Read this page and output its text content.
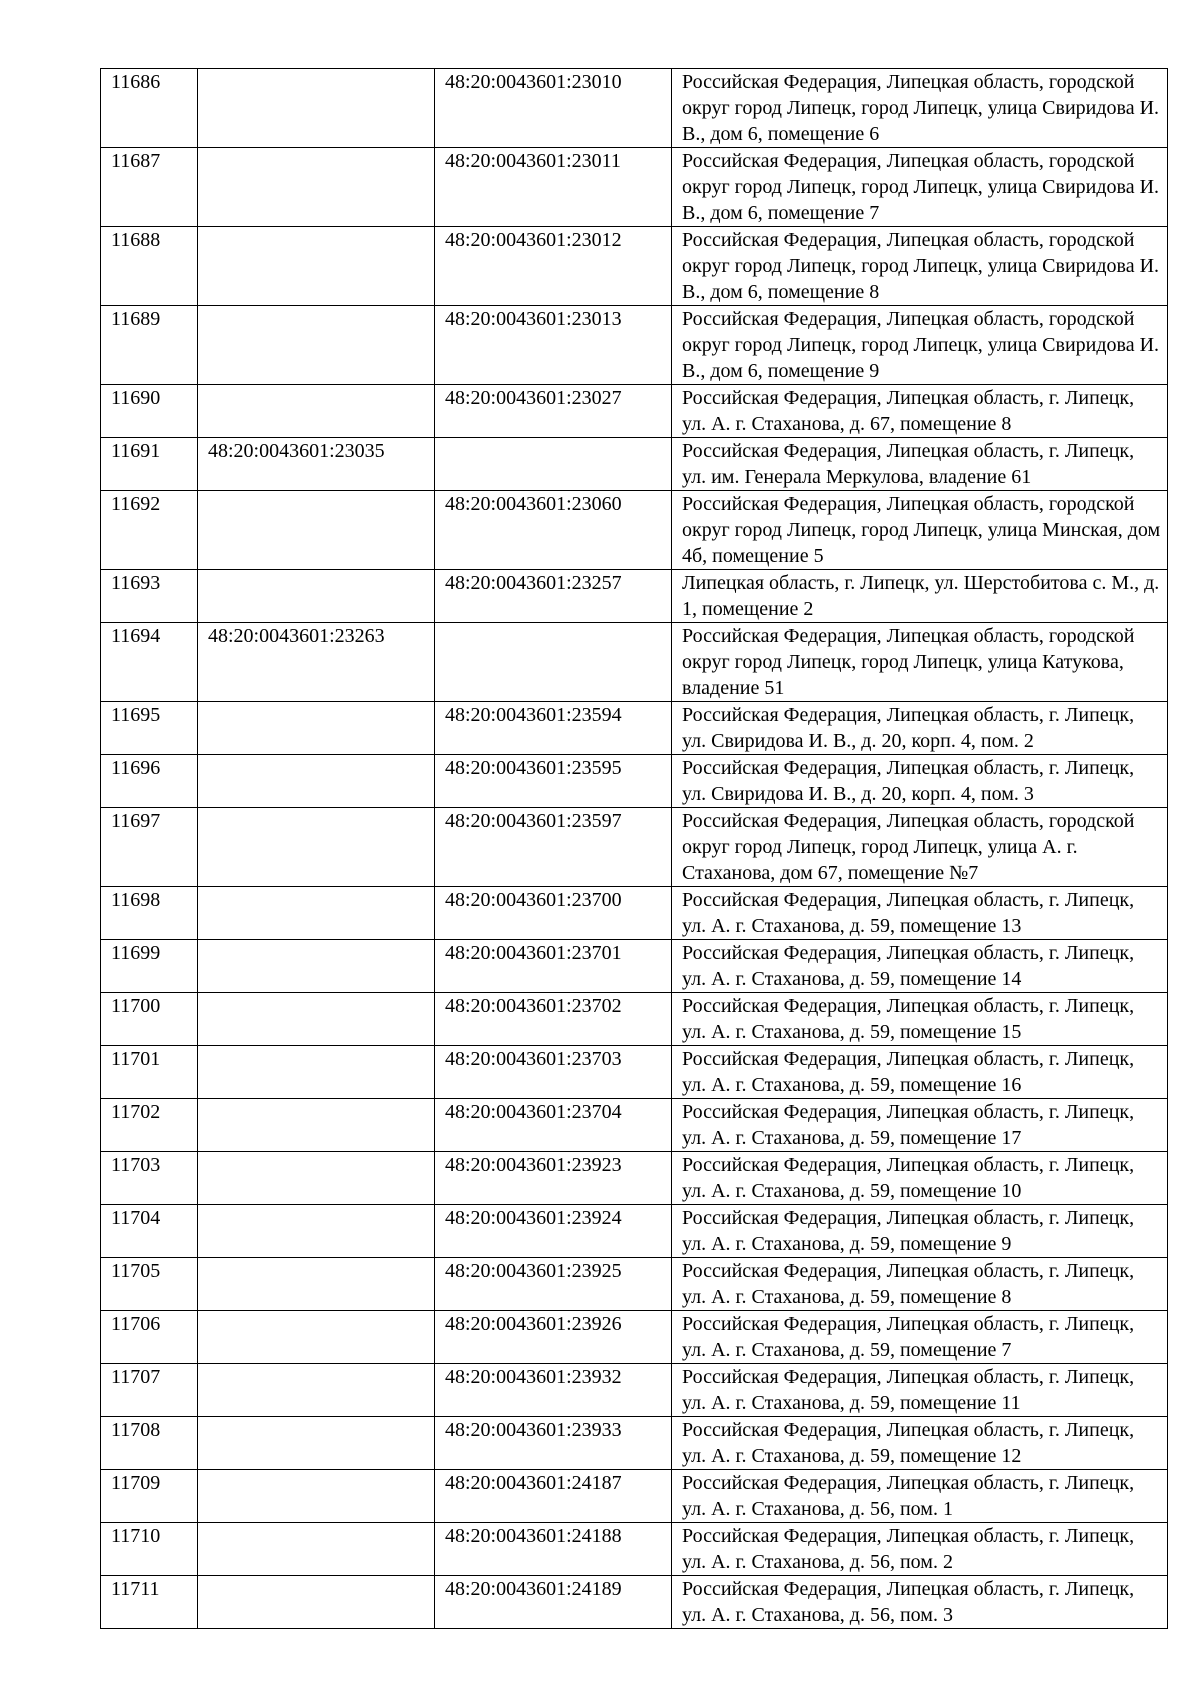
11686		48:20:0043601:23010	Российская Федерация, Липецкая область, городской округ город Липецк, город Липецк, улица Свиридова И. В., дом 6, помещение 6
11687		48:20:0043601:23011	Российская Федерация, Липецкая область, городской округ город Липецк, город Липецк, улица Свиридова И. В., дом 6, помещение 7
11688		48:20:0043601:23012	Российская Федерация, Липецкая область, городской округ город Липецк, город Липецк, улица Свиридова И. В., дом 6, помещение 8
11689		48:20:0043601:23013	Российская Федерация, Липецкая область, городской округ город Липецк, город Липецк, улица Свиридова И. В., дом 6, помещение 9
11690		48:20:0043601:23027	Российская Федерация, Липецкая область, г. Липецк, ул. А. г. Стаханова, д. 67, помещение 8
11691	48:20:0043601:23035		Российская Федерация, Липецкая область, г. Липецк, ул. им. Генерала Меркулова, владение 61
11692		48:20:0043601:23060	Российская Федерация, Липецкая область, городской округ город Липецк, город Липецк, улица Минская, дом 4б, помещение 5
11693		48:20:0043601:23257	Липецкая область, г. Липецк, ул. Шерстобитова с. М., д. 1, помещение 2
11694	48:20:0043601:23263		Российская Федерация, Липецкая область, городской округ город Липецк, город Липецк, улица Катукова, владение 51
11695		48:20:0043601:23594	Российская Федерация, Липецкая область, г. Липецк, ул. Свиридова И. В., д. 20, корп. 4, пом. 2
11696		48:20:0043601:23595	Российская Федерация, Липецкая область, г. Липецк, ул. Свиридова И. В., д. 20, корп. 4, пом. 3
11697		48:20:0043601:23597	Российская Федерация, Липецкая область, городской округ город Липецк, город Липецк, улица А. г. Стаханова, дом 67, помещение №7
11698		48:20:0043601:23700	Российская Федерация, Липецкая область, г. Липецк, ул. А. г. Стаханова, д. 59, помещение 13
11699		48:20:0043601:23701	Российская Федерация, Липецкая область, г. Липецк, ул. А. г. Стаханова, д. 59, помещение 14
11700		48:20:0043601:23702	Российская Федерация, Липецкая область, г. Липецк, ул. А. г. Стаханова, д. 59, помещение 15
11701		48:20:0043601:23703	Российская Федерация, Липецкая область, г. Липецк, ул. А. г. Стаханова, д. 59, помещение 16
11702		48:20:0043601:23704	Российская Федерация, Липецкая область, г. Липецк, ул. А. г. Стаханова, д. 59, помещение 17
11703		48:20:0043601:23923	Российская Федерация, Липецкая область, г. Липецк, ул. А. г. Стаханова, д. 59, помещение 10
11704		48:20:0043601:23924	Российская Федерация, Липецкая область, г. Липецк, ул. А. г. Стаханова, д. 59, помещение 9
11705		48:20:0043601:23925	Российская Федерация, Липецкая область, г. Липецк, ул. А. г. Стаханова, д. 59, помещение 8
11706		48:20:0043601:23926	Российская Федерация, Липецкая область, г. Липецк, ул. А. г. Стаханова, д. 59, помещение 7
11707		48:20:0043601:23932	Российская Федерация, Липецкая область, г. Липецк, ул. А. г. Стаханова, д. 59, помещение 11
11708		48:20:0043601:23933	Российская Федерация, Липецкая область, г. Липецк, ул. А. г. Стаханова, д. 59, помещение 12
11709		48:20:0043601:24187	Российская Федерация, Липецкая область, г. Липецк, ул. А. г. Стаханова, д. 56, пом. 1
11710		48:20:0043601:24188	Российская Федерация, Липецкая область, г. Липецк, ул. А. г. Стаханова, д. 56, пом. 2
11711		48:20:0043601:24189	Российская Федерация, Липецкая область, г. Липецк, ул. А. г. Стаханова, д. 56, пом. 3
